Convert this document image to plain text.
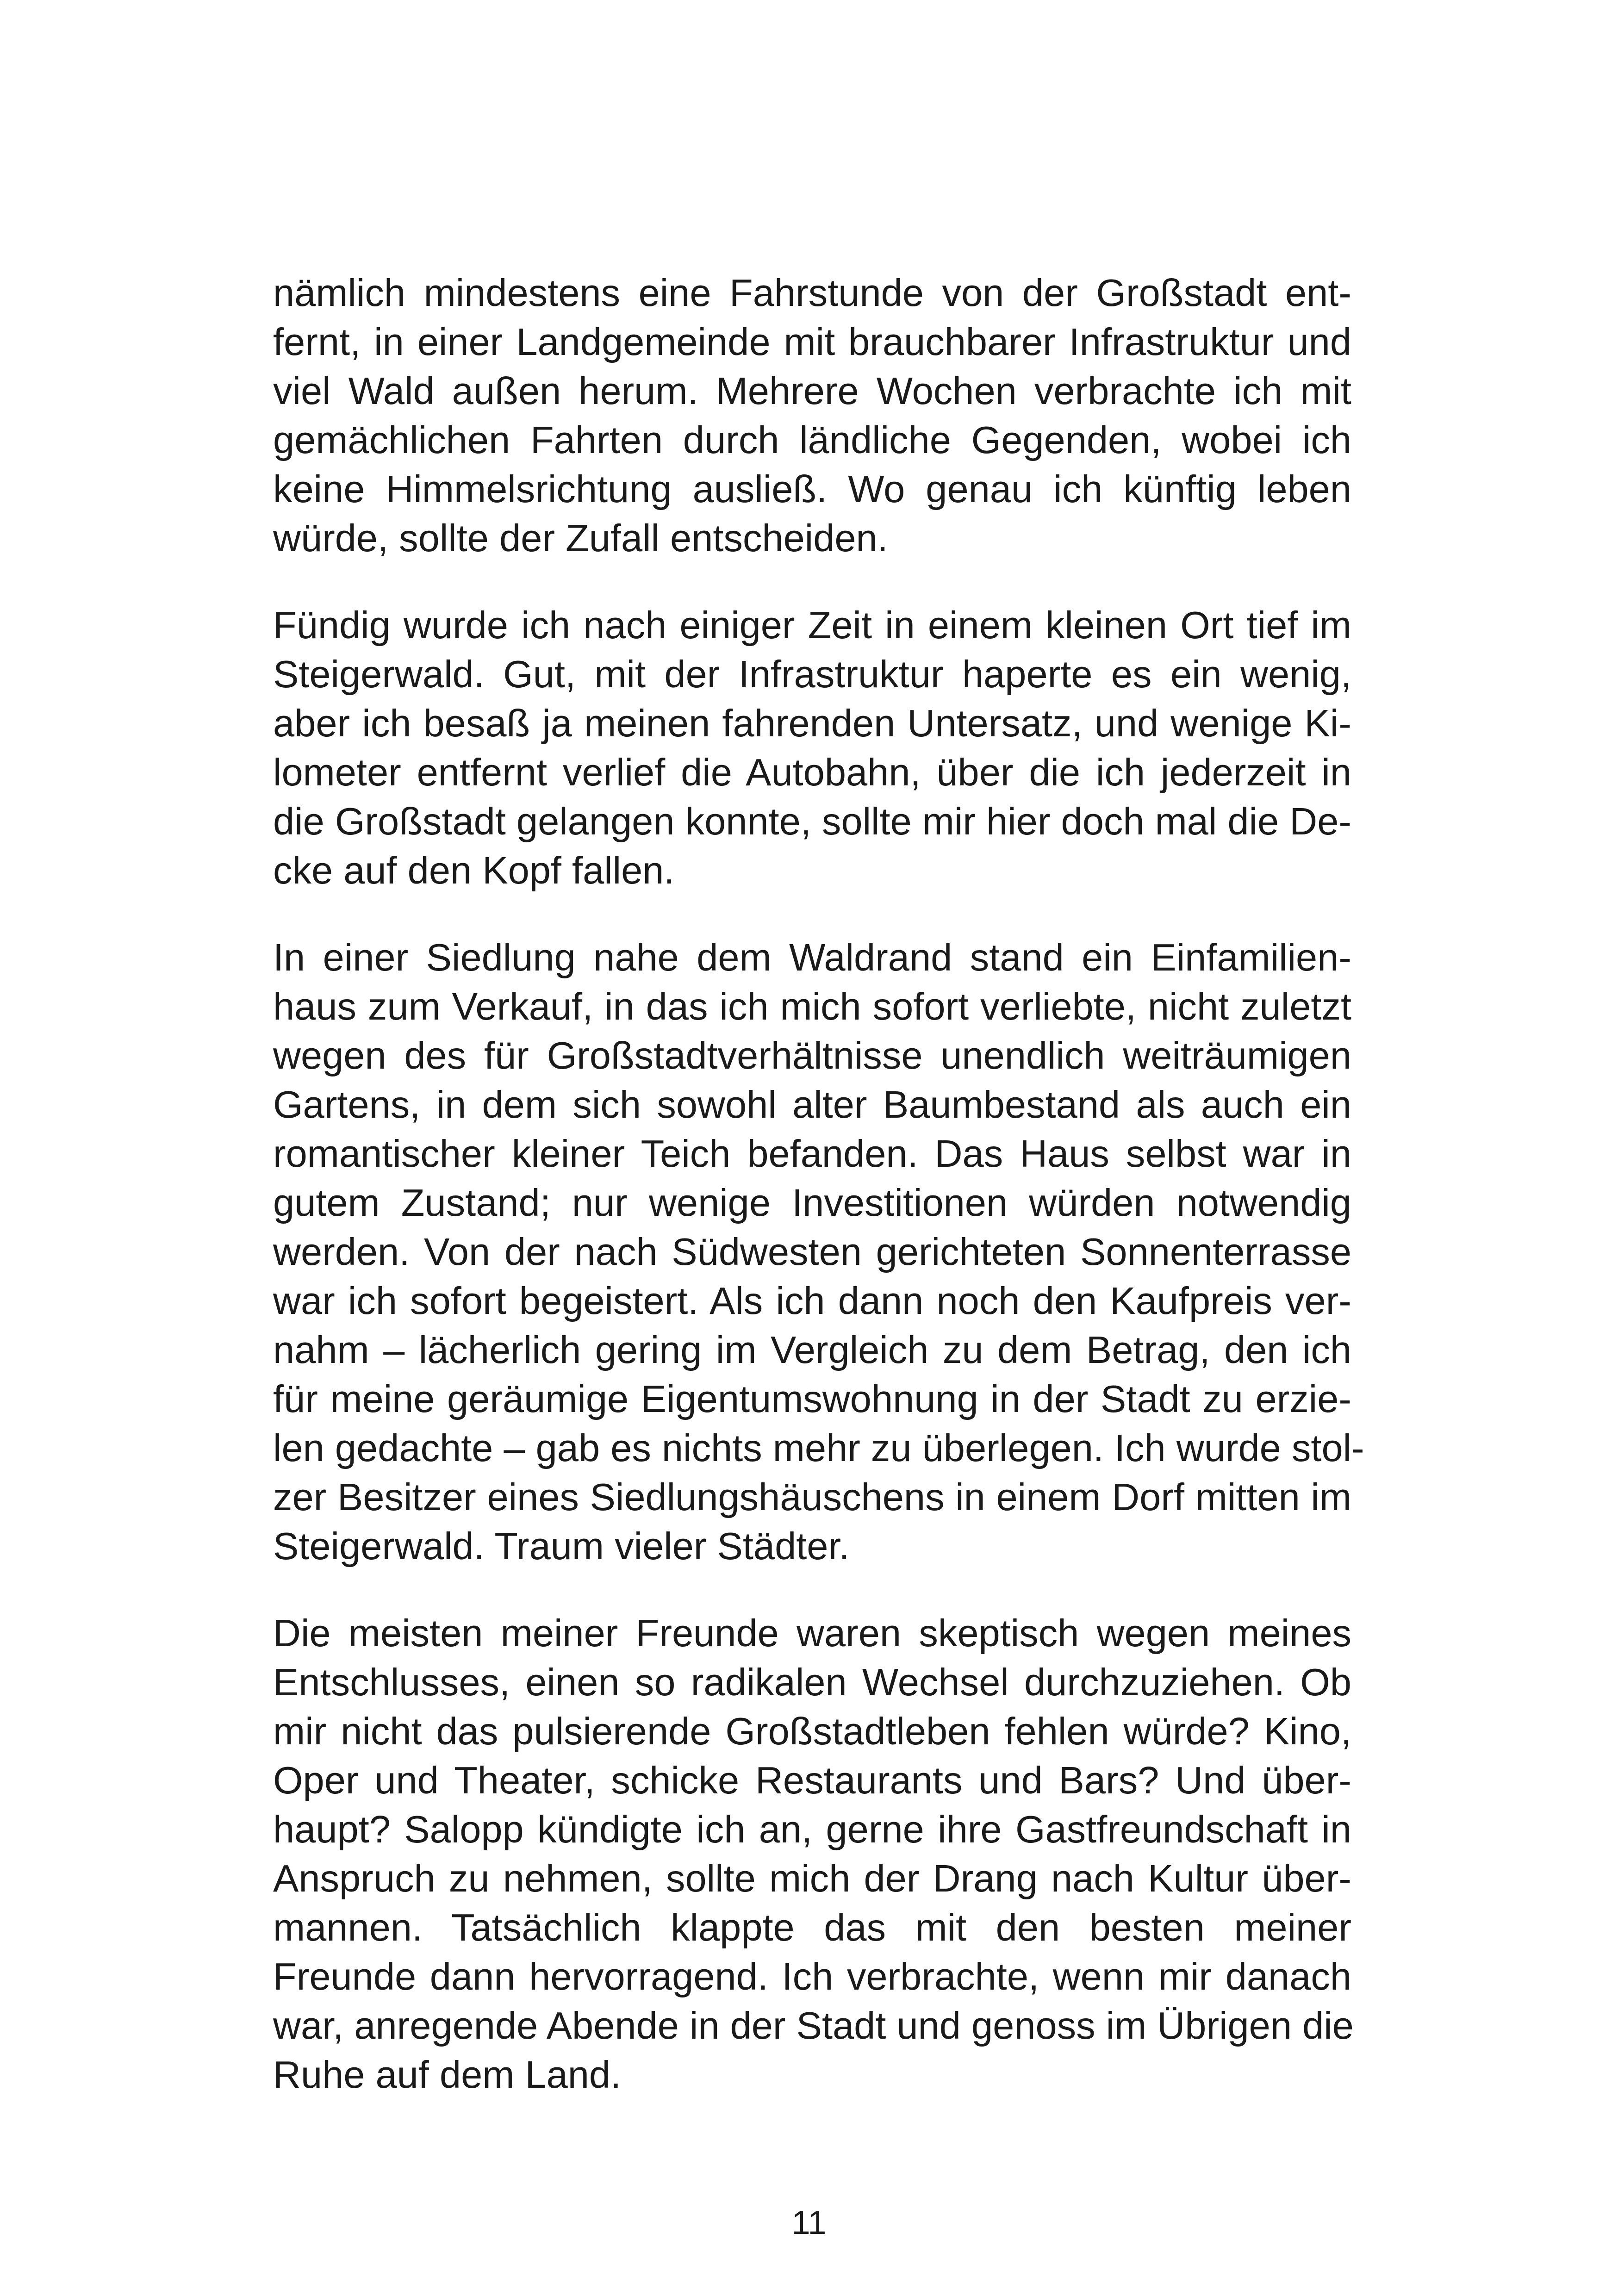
nämlich mindestens eine Fahrstunde von der Großstadt ent-
fernt, in einer Landgemeinde mit brauchbarer Infrastruktur und
viel Wald außen herum. Mehrere Wochen verbrachte ich mit
gemächlichen Fahrten durch ländliche Gegenden, wobei ich
keine Himmelsrichtung ausließ. Wo genau ich künftig leben
würde, sollte der Zufall entscheiden.

Fündig wurde ich nach einiger Zeit in einem kleinen Ort tief im
Steigerwald. Gut, mit der Infrastruktur haperte es ein wenig,
aber ich besaß ja meinen fahrenden Untersatz, und wenige Ki-
lometer entfernt verlief die Autobahn, über die ich jederzeit in
die Großstadt gelangen konnte, sollte mir hier doch mal die De-
cke auf den Kopf fallen.

In einer Siedlung nahe dem Waldrand stand ein Einfamilien-
haus zum Verkauf, in das ich mich sofort verliebte, nicht zuletzt
wegen des für Großstadtverhältnisse unendlich weiträumigen
Gartens, in dem sich sowohl alter Baumbestand als auch ein
romantischer kleiner Teich befanden. Das Haus selbst war in
gutem Zustand; nur wenige Investitionen würden notwendig
werden. Von der nach Südwesten gerichteten Sonnenterrasse
war ich sofort begeistert. Als ich dann noch den Kaufpreis ver-
nahm – lächerlich gering im Vergleich zu dem Betrag, den ich
für meine geräumige Eigentumswohnung in der Stadt zu erzie-
len gedachte – gab es nichts mehr zu überlegen. Ich wurde stol-
zer Besitzer eines Siedlungshäuschens in einem Dorf mitten im
Steigerwald. Traum vieler Städter.

Die meisten meiner Freunde waren skeptisch wegen meines
Entschlusses, einen so radikalen Wechsel durchzuziehen. Ob
mir nicht das pulsierende Großstadtleben fehlen würde? Kino,
Oper und Theater, schicke Restaurants und Bars? Und über-
haupt? Salopp kündigte ich an, gerne ihre Gastfreundschaft in
Anspruch zu nehmen, sollte mich der Drang nach Kultur über-
mannen. Tatsächlich klappte das mit den besten meiner
Freunde dann hervorragend. Ich verbrachte, wenn mir danach
war, anregende Abende in der Stadt und genoss im Übrigen die
Ruhe auf dem Land.

11
